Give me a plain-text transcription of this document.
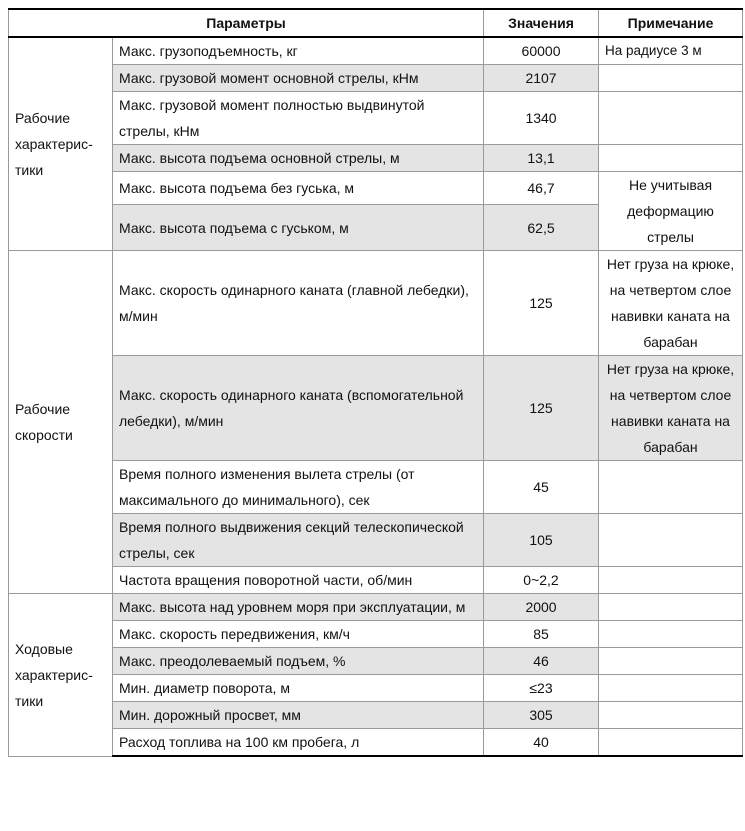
Параметры		Значения	Примечание
Рабочие характерис-тики	Макс. грузоподъемность, кг	60000	На радиусе 3 м

	Макс. грузовой момент основной стрелы, кНм	2107	
	Макс. грузовой момент полностью выдвинутой стрелы, кНм	1340	
	Макс. высота подъема основной стрелы, м	13,1	
	Макс. высота подъема без гуська, м	46,7	Не учитывая деформацию стрелы
	Макс. высота подъема с гуськом, м	62,5	
Рабочие скорости	Макс. скорость одинарного каната (главной лебедки), м/мин	125	Нет груза на крюке, на четвертом слое навивки каната на барабан
	Макс. скорость одинарного каната (вспомогательной лебедки), м/мин	125	Нет груза на крюке, на четвертом слое навивки каната на барабан
	Время полного изменения вылета стрелы (от максимального до минимального), сек	45	
	Время полного выдвижения секций телескопической стрелы, сек	105	
	Частота вращения поворотной части, об/мин	0~2,2	
Ходовые характерис-тики	Макс. высота над уровнем моря при эксплуатации, м	2000	
	Макс. скорость передвижения, км/ч	85	
	Макс. преодолеваемый подъем, %	46	
	Мин. диаметр поворота, м	≤23	
	Мин. дорожный просвет, мм	305	
	Расход топлива на 100 км пробега, л	40	
